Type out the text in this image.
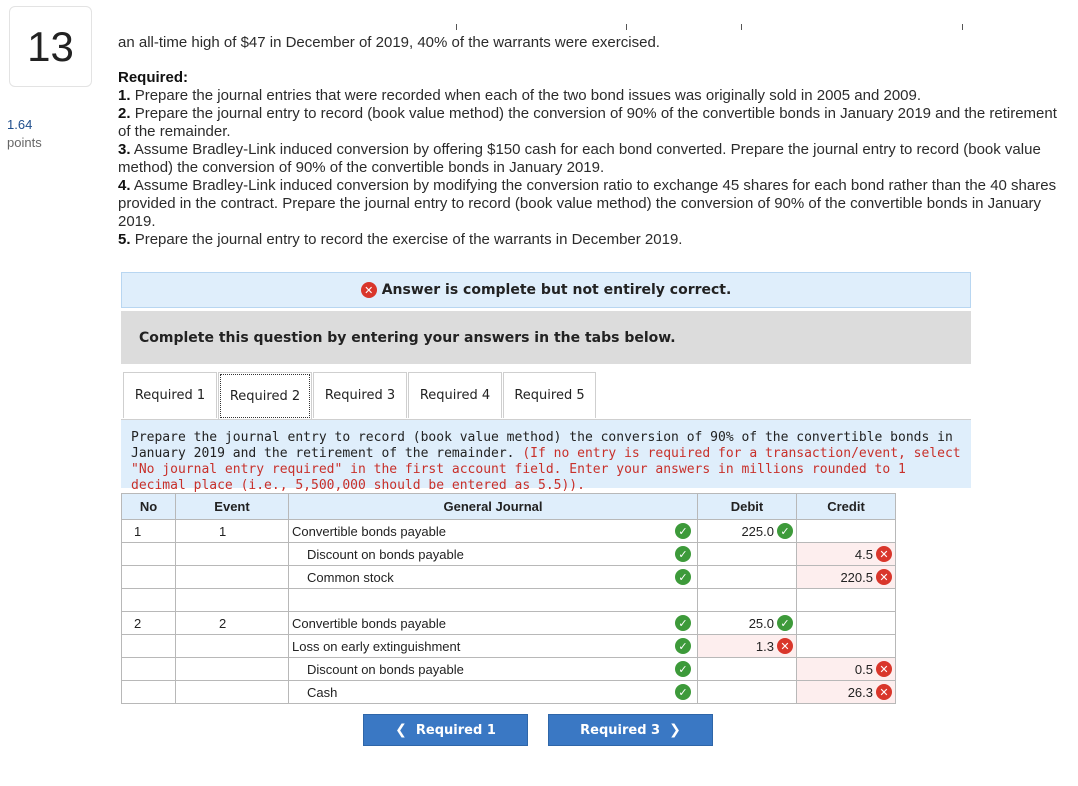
13
1.64
points

an all-time high of $47 in December of 2019, 40% of the warrants were exercised.

Required:

1. Prepare the journal entries that were recorded when each of the two bond issues was originally sold in 2005 and 2009.

2. Prepare the journal entry to record (book value method) the conversion of 90% of the convertible bonds in January 2019 and the retirement of the remainder.

3. Assume Bradley-Link induced conversion by offering $150 cash for each bond converted. Prepare the journal entry to record (book value method) the conversion of 90% of the convertible bonds in January 2019.

4. Assume Bradley-Link induced conversion by modifying the conversion ratio to exchange 45 shares for each bond rather than the 40 shares provided in the contract. Prepare the journal entry to record (book value method) the conversion of 90% of the convertible bonds in January 2019.

5. Prepare the journal entry to record the exercise of the warrants in December 2019.

✕ Answer is complete but not entirely correct.
Complete this question by entering your answers in the tabs below.
Required 1 Required 2 Required 3 Required 4 Required 5
Prepare the journal entry to record (book value method) the conversion of 90% of the convertible bonds in January 2019 and the retirement of the remainder. (If no entry is required for a transaction/event, select "No journal entry required" in the first account field. Enter your answers in millions rounded to 1 decimal place (i.e., 5,500,000 should be entered as 5.5)).
No	Event	General Journal	Debit	Credit
1	1	Convertible bonds payable ✓	225.0 ✓	

		Discount on bonds payable ✓		4.5 ✕

		Common stock ✓		220.5 ✕

2	2	Convertible bonds payable ✓	25.0 ✓	

		Loss on early extinguishment ✓	1.3 ✕	

		Discount on bonds payable ✓		0.5 ✕

		Cash ✓		26.3 ✕
❮
Required 1	Required 3
❯
